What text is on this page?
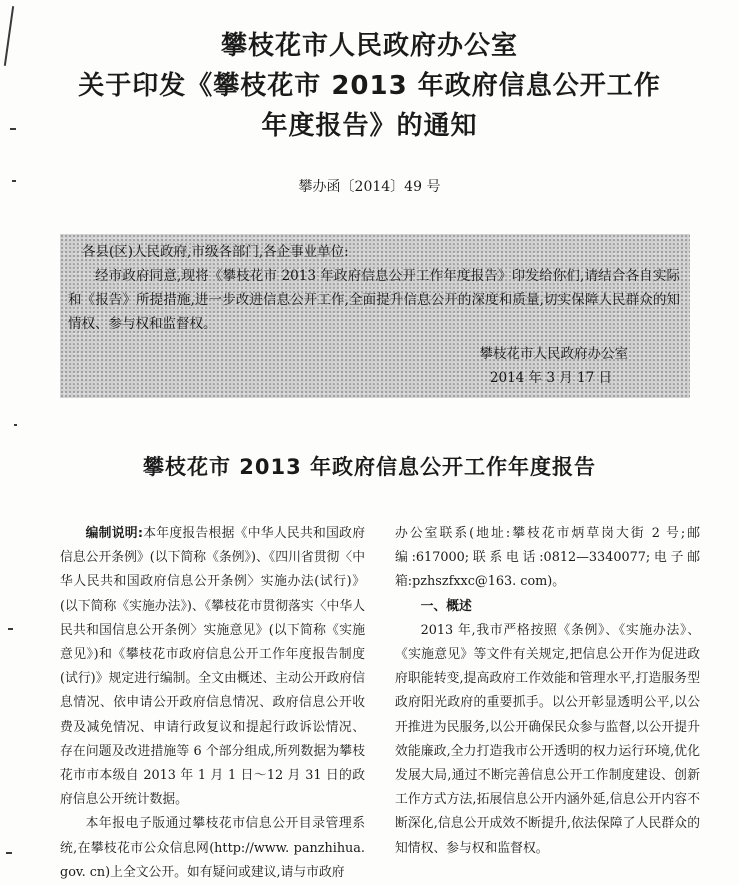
攀枝花市人民政府办公室
关于印发《攀枝花市 2013 年政府信息公开工作
年度报告》的通知
攀办函〔2014〕49 号
各县(区)人民政府,市级各部门,各企事业单位:
经市政府同意,现将《攀枝花市 2013 年政府信息公开工作年度报告》印发给你们,请结合各自实际和《报告》所提措施,进一步改进信息公开工作,全面提升信息公开的深度和质量,切实保障人民群众的知情权、参与权和监督权。
攀枝花市人民政府办公室
2014 年 3 月 17 日
攀枝花市 2013 年政府信息公开工作年度报告

编制说明:本年度报告根据《中华人民共和国政府信息公开条例》(以下简称《条例》)、《四川省贯彻〈中华人民共和国政府信息公开条例〉实施办法(试行)》(以下简称《实施办法》)、《攀枝花市贯彻落实〈中华人民共和国信息公开条例〉实施意见》(以下简称《实施意见》)和《攀枝花市政府信息公开工作年度报告制度(试行)》规定进行编制。全文由概述、主动公开政府信息情况、依申请公开政府信息情况、政府信息公开收费及减免情况、申请行政复议和提起行政诉讼情况、存在问题及改进措施等 6 个部分组成,所列数据为攀枝花市市本级自 2013 年 1 月 1 日～12 月 31 日的政府信息公开统计数据。

本年报电子版通过攀枝花市信息公开目录管理系统,在攀枝花市公众信息网(http://www. panzhihua. gov. cn)上全文公开。如有疑问或建议,请与市政府

办公室联系(地址:攀枝花市炳草岗大街 2 号;邮编:617000;联系电话:0812—3340077;电子邮箱:pzhszfxxc@163. com)。

一、概述

2013 年,我市严格按照《条例》、《实施办法》、《实施意见》等文件有关规定,把信息公开作为促进政府职能转变,提高政府工作效能和管理水平,打造服务型政府阳光政府的重要抓手。以公开彰显透明公平,以公开推进为民服务,以公开确保民众参与监督,以公开提升效能廉政,全力打造我市公开透明的权力运行环境,优化发展大局,通过不断完善信息公开工作制度建设、创新工作方式方法,拓展信息公开内涵外延,信息公开内容不断深化,信息公开成效不断提升,依法保障了人民群众的知情权、参与权和监督权。
